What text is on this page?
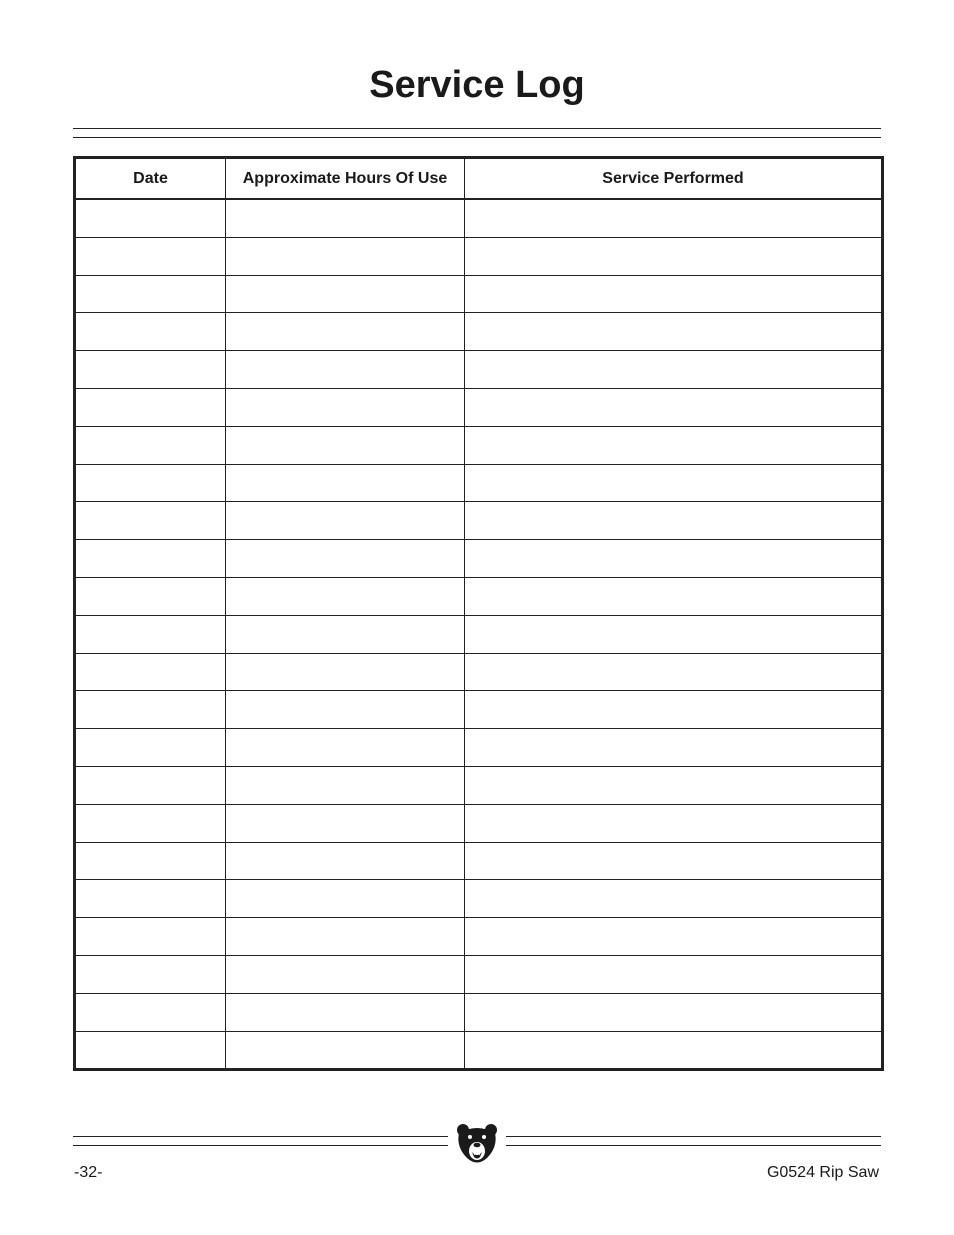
Service Log
Date	Approximate Hours Of Use	Service Performed

-32-	G0524 Rip Saw
